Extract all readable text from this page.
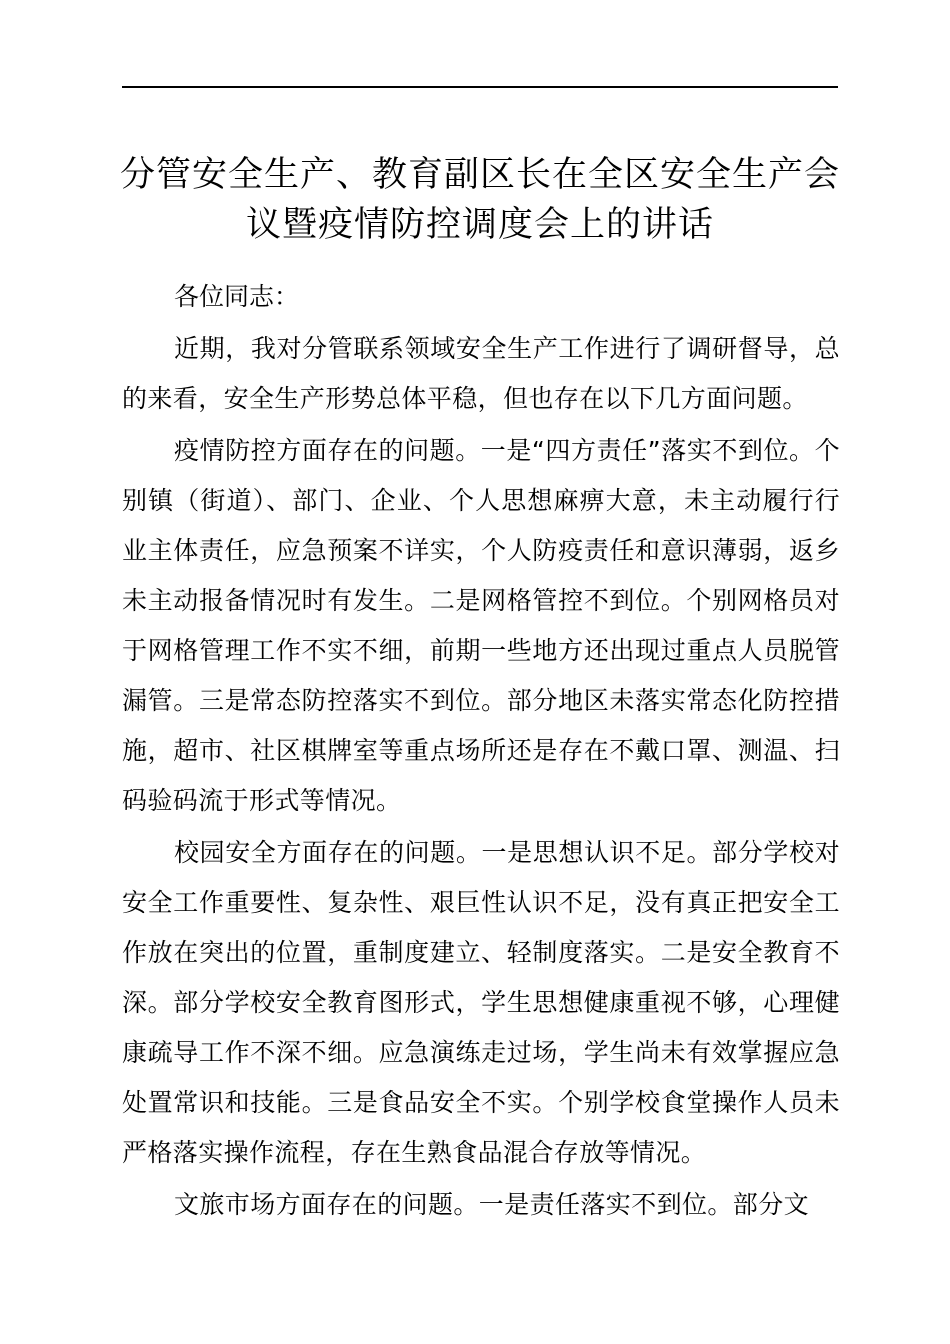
分管安全生产、教育副区长在全区安全生产会议暨疫情防控调度会上的讲话

各位同志：

近期，我对分管联系领域安全生产工作进行了调研督导，总的来看，安全生产形势总体平稳，但也存在以下几方面问题。

疫情防控方面存在的问题。一是“四方责任”落实不到位。个别镇（街道）、部门、企业、个人思想麻痹大意，未主动履行行业主体责任，应急预案不详实，个人防疫责任和意识薄弱，返乡未主动报备情况时有发生。二是网格管控不到位。个别网格员对于网格管理工作不实不细，前期一些地方还出现过重点人员脱管漏管。三是常态防控落实不到位。部分地区未落实常态化防控措施，超市、社区棋牌室等重点场所还是存在不戴口罩、测温、扫码验码流于形式等情况。

校园安全方面存在的问题。一是思想认识不足。部分学校对安全工作重要性、复杂性、艰巨性认识不足，没有真正把安全工作放在突出的位置，重制度建立、轻制度落实。二是安全教育不深。部分学校安全教育图形式，学生思想健康重视不够，心理健康疏导工作不深不细。应急演练走过场，学生尚未有效掌握应急处置常识和技能。三是食品安全不实。个别学校食堂操作人员未严格落实操作流程，存在生熟食品混合存放等情况。

文旅市场方面存在的问题。一是责任落实不到位。部分文
